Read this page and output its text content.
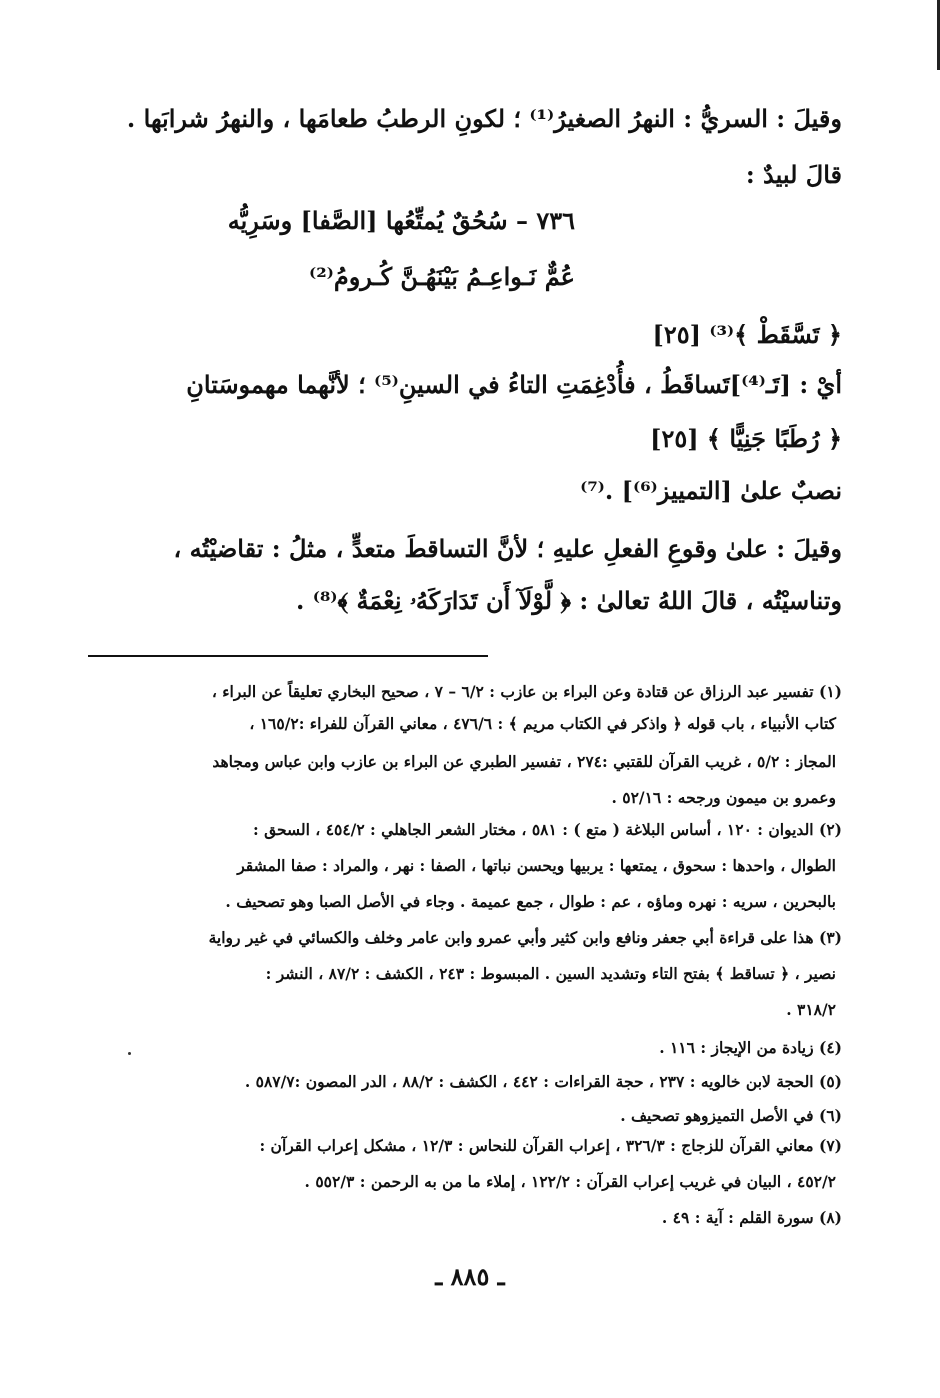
وقيلَ : السريُّ : النهرُ الصغيرُ⁽¹⁾ ؛ لكونِ الرطبُ طعامَها ، والنهرُ شرابَها .
قالَ لبيدٌ :
٧٣٦ – سُحُقٌ يُمتِّعُها [الصَّفا] وسَرِيُّه
عُمٌّ نَـواعِـمُ بَيْنَهُـنَّ كُـرومُ⁽²⁾
﴿ تَسَّقَطْ ﴾⁽³⁾ [٢٥]
أيْ : [تَـ⁽⁴⁾]تَساقَطُ ، فأُدْغِمَتِ التاءُ في السينِ⁽⁵⁾ ؛ لأنَّهما مهموسَتانِ
﴿ رُطَبًا جَنِيًّا ﴾ [٢٥]
نصبٌ علىٰ [التمييز⁽⁶⁾] .⁽⁷⁾
وقيلَ : علىٰ وقوعِ الفعلِ عليهِ ؛ لأنَّ التساقطَ متعدٍّ ، مثلُ : تقاضيْتُه ،
وتناسيْتُه ، قالَ اللهُ تعالىٰ : ﴿ لَّوْلَآ أَن تَدَارَكَهُۥ نِعْمَةٌ ﴾⁽⁸⁾ .
(١) تفسير عبد الرزاق عن قتادة وعن البراء بن عازب : ٦/٢ – ٧ ، صحيح البخاري تعليقاً عن البراء ،
كتاب الأنبياء ، باب قوله ﴿ واذكر في الكتاب مريم ﴾ : ٤٧٦/٦ ، معاني القرآن للفراء :١٦٥/٢ ،
المجاز : ٥/٢ ، غريب القرآن للقتبي :٢٧٤ ، تفسير الطبري عن البراء بن عازب وابن عباس ومجاهد
وعمرو بن ميمون ورجحه : ٥٢/١٦ .
(٢) الديوان : ١٢٠ ، أساس البلاغة ( متع ) : ٥٨١ ، مختار الشعر الجاهلي : ٤٥٤/٢ ، السحق :
الطوال ، واحدها : سحوق ، يمتعها : يربيها ويحسن نباتها ، الصفا : نهر ، والمراد : صفا المشقر
بالبحرين ، سريه : نهره وماؤه ، عم : طوال ، جمع عميمة . وجاء في الأصل الصبا وهو تصحيف .
(٣) هذا على قراءة أبي جعفر ونافع وابن كثير وأبي عمرو وابن عامر وخلف والكسائي في غير رواية
نصير ، ﴿ تساقط ﴾ بفتح التاء وتشديد السين . المبسوط : ٢٤٣ ، الكشف : ٨٧/٢ ، النشر :
٣١٨/٢ .
(٤) زيادة من الإيجاز : ١١٦ .
(٥) الحجة لابن خالويه : ٢٣٧ ، حجة القراءات : ٤٤٢ ، الكشف : ٨٨/٢ ، الدر المصون :٥٨٧/٧ .
(٦) في الأصل التميزوهو تصحيف .
(٧) معاني القرآن للزجاج : ٣٢٦/٣ ، إعراب القرآن للنحاس : ١٢/٣ ، مشكل إعراب القرآن :
٤٥٢/٢ ، البيان في غريب إعراب القرآن : ١٢٢/٢ ، إملاء ما من به الرحمن : ٥٥٢/٣ .
(٨) سورة القلم : آية : ٤٩ .
ـ ٨٨٥ ـ
